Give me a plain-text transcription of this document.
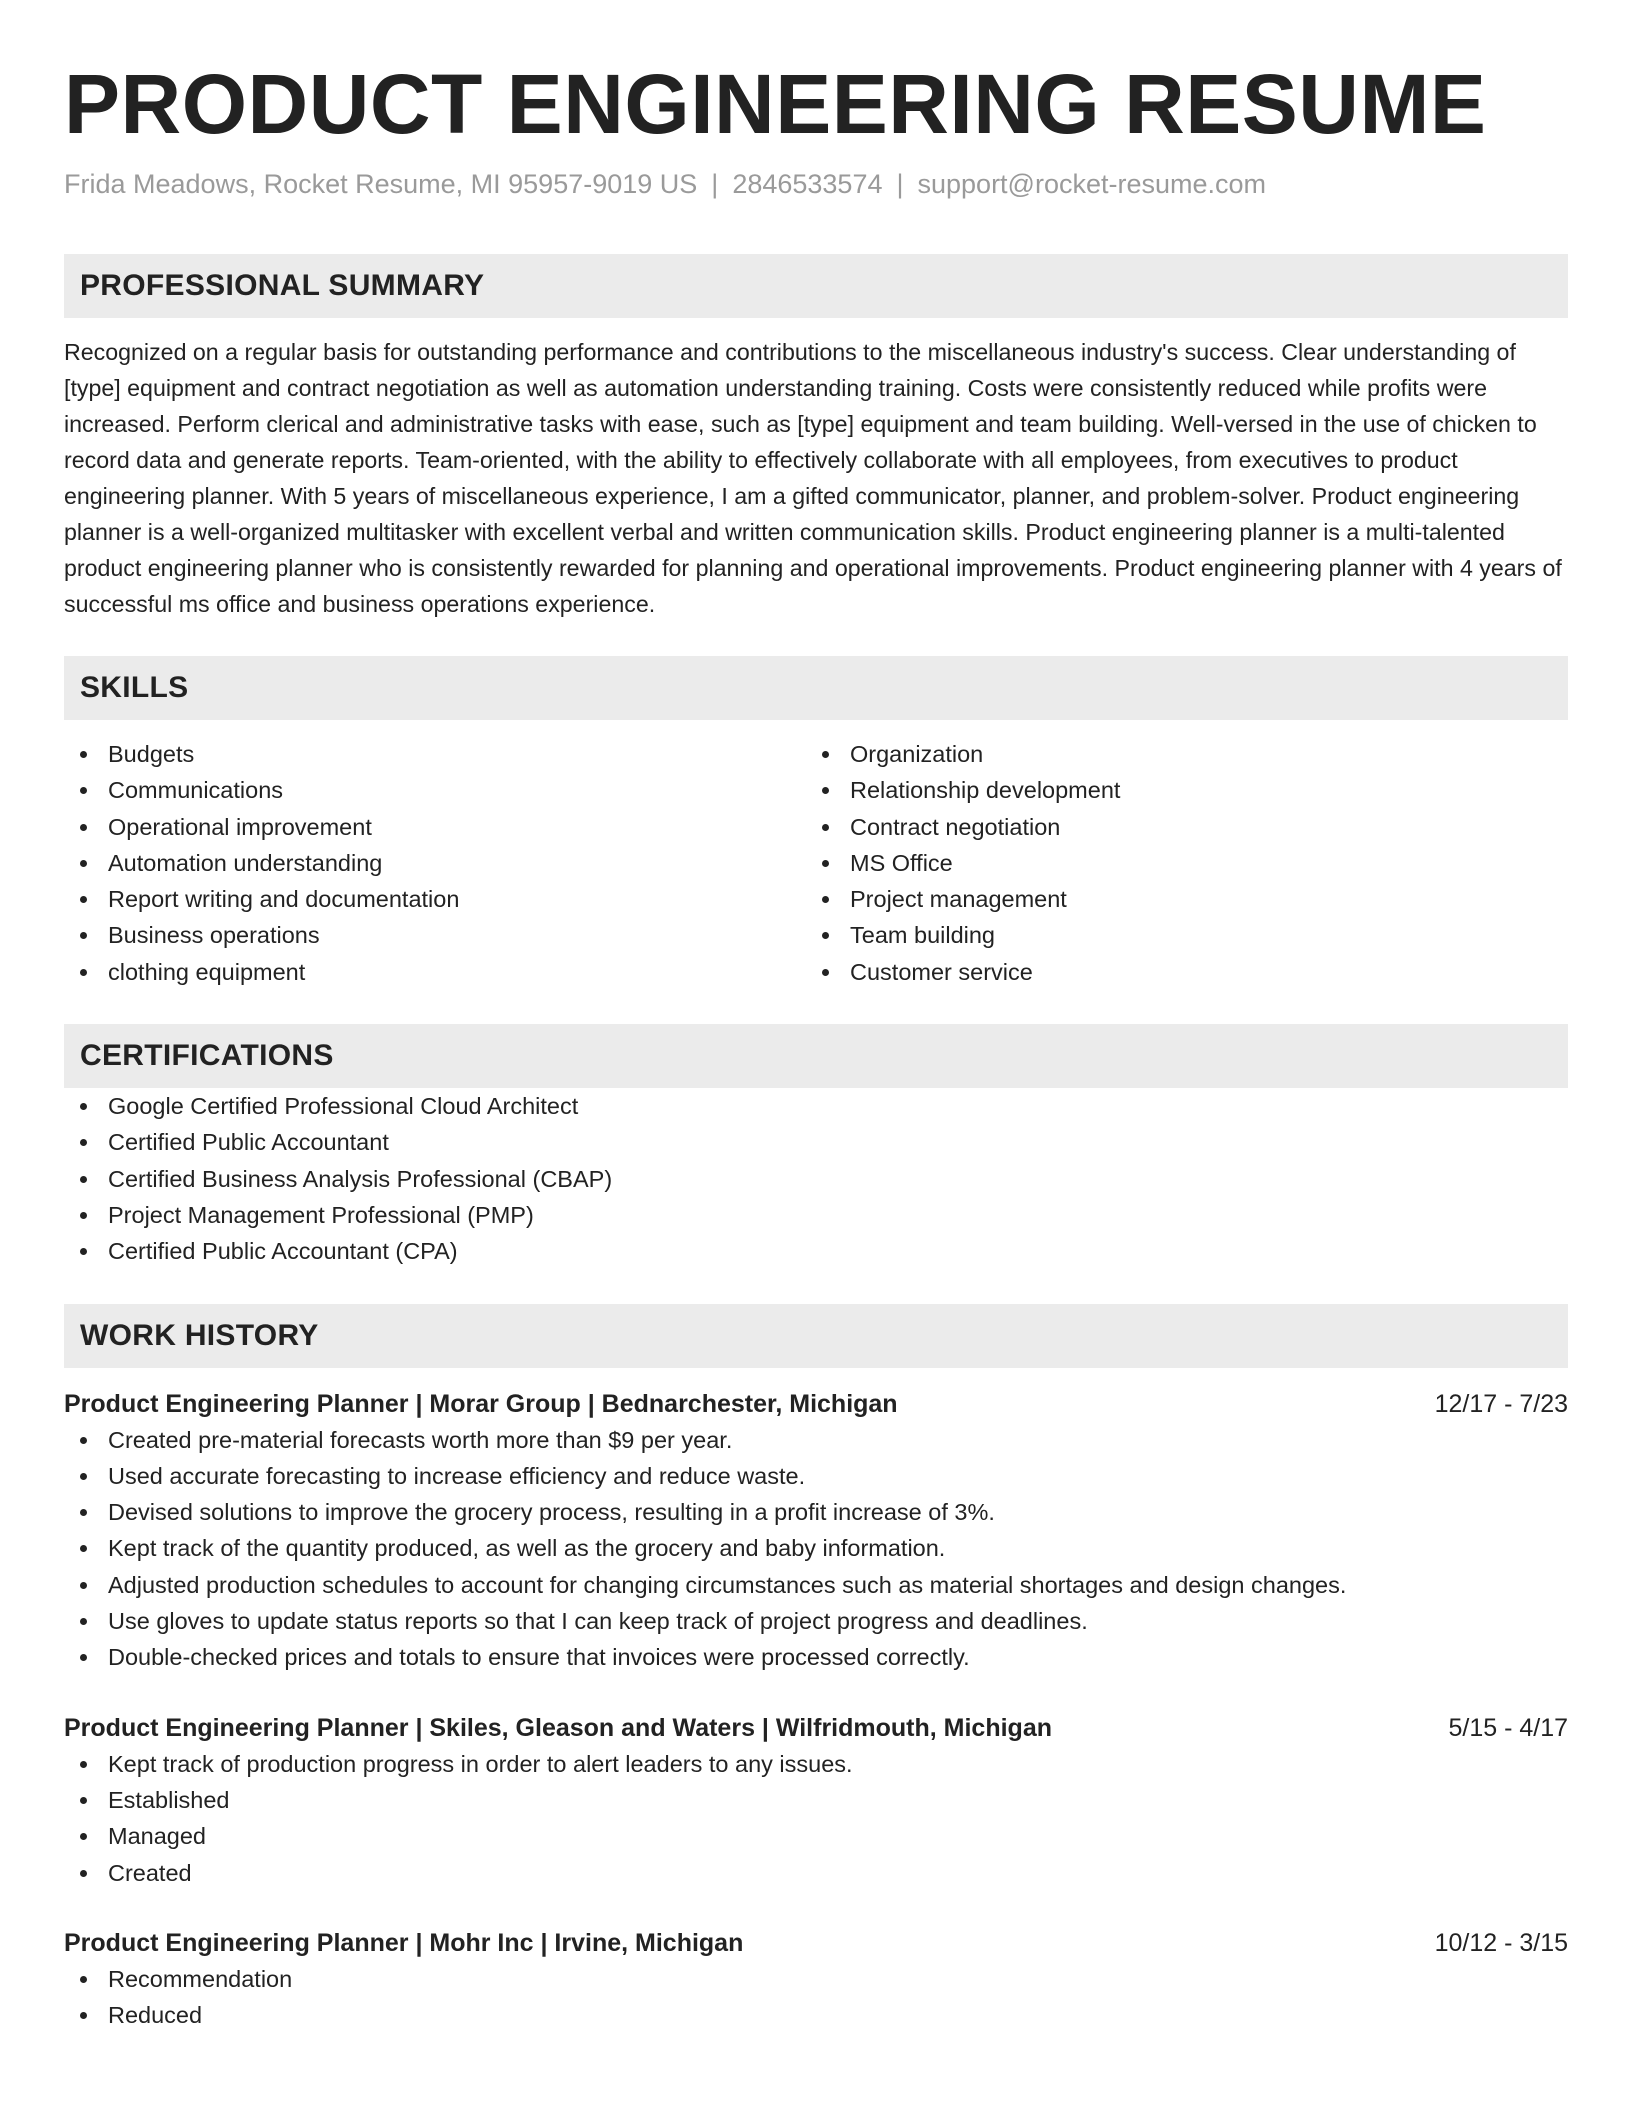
PRODUCT ENGINEERING RESUME
Frida Meadows, Rocket Resume, MI 95957-9019 US | 2846533574 | support@rocket-resume.com
PROFESSIONAL SUMMARY

Recognized on a regular basis for outstanding performance and contributions to the miscellaneous industry's success. Clear understanding of [type] equipment and contract negotiation as well as automation understanding training. Costs were consistently reduced while profits were increased. Perform clerical and administrative tasks with ease, such as [type] equipment and team building. Well-versed in the use of chicken to record data and generate reports. Team-oriented, with the ability to effectively collaborate with all employees, from executives to product engineering planner. With 5 years of miscellaneous experience, I am a gifted communicator, planner, and problem-solver. Product engineering planner is a well-organized multitasker with excellent verbal and written communication skills. Product engineering planner is a multi-talented product engineering planner who is consistently rewarded for planning and operational improvements. Product engineering planner with 4 years of successful ms office and business operations experience.

SKILLS
Budgets
Communications
Operational improvement
Automation understanding
Report writing and documentation
Business operations
clothing equipment
Organization
Relationship development
Contract negotiation
MS Office
Project management
Team building
Customer service
CERTIFICATIONS
Google Certified Professional Cloud Architect
Certified Public Accountant
Certified Business Analysis Professional (CBAP)
Project Management Professional (PMP)
Certified Public Accountant (CPA)
WORK HISTORY
Product Engineering Planner | Morar Group | Bednarchester, Michigan	12/17 - 7/23
Created pre-material forecasts worth more than $9 per year.
Used accurate forecasting to increase efficiency and reduce waste.
Devised solutions to improve the grocery process, resulting in a profit increase of 3%.
Kept track of the quantity produced, as well as the grocery and baby information.
Adjusted production schedules to account for changing circumstances such as material shortages and design changes.
Use gloves to update status reports so that I can keep track of project progress and deadlines.
Double-checked prices and totals to ensure that invoices were processed correctly.
Product Engineering Planner | Skiles, Gleason and Waters | Wilfridmouth, Michigan	5/15 - 4/17
Kept track of production progress in order to alert leaders to any issues.
Established
Managed
Created
Product Engineering Planner | Mohr Inc | Irvine, Michigan	10/12 - 3/15
Recommendation
Reduced
